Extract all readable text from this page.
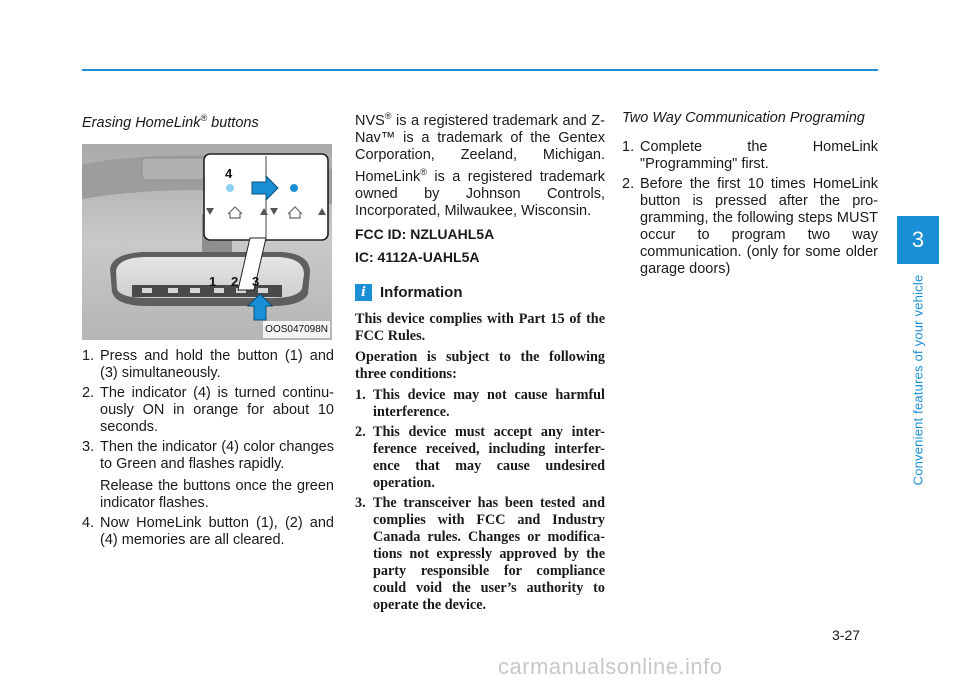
3
Convenient features of your vehicle
Erasing HomeLink® buttons
4
1 2 3
OOS047098N
1. Press and hold the button (1) and (3) simultaneously.
2. The indicator (4) is turned continu-ously ON in orange for about 10 seconds.
3. Then the indicator (4) color changes to Green and flashes rapidly.
Release the buttons once the green indicator flashes.
4. Now HomeLink button (1), (2) and (4) memories are all cleared.

NVS® is a registered trademark and Z-Nav™ is a trademark of the Gentex Corporation, Zeeland, Michigan. HomeLink® is a registered trademark owned by Johnson Controls, Incorporated, Milwaukee, Wisconsin.

FCC ID: NZLUAHL5A
IC: 4112A-UAHL5A
i Information

This device complies with Part 15 of the FCC Rules.

Operation is subject to the following three conditions:

1. This device may not cause harmful interference.
2. This device must accept any inter-ference received, including interfer-ence that may cause undesired operation.
3. The transceiver has been tested and complies with FCC and Industry Canada rules. Changes or modifica-tions not expressly approved by the party responsible for compliance could void the user’s authority to operate the device.
Two Way Communication Programing
1. Complete the HomeLink "Programming" first.
2. Before the first 10 times HomeLink button is pressed after the pro-gramming, the following steps MUST occur to program two way communication. (only for some older garage doors)
3-27
carmanualsonline.info
